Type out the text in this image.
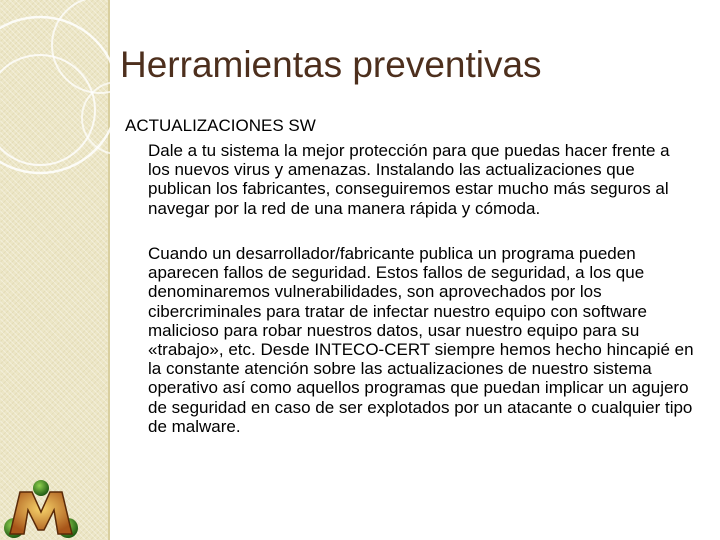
Herramientas preventivas
ACTUALIZACIONES SW

Dale a tu sistema la mejor protección para que puedas hacer frente a los nuevos virus y amenazas. Instalando las actualizaciones que publican los fabricantes, conseguiremos estar mucho más seguros al navegar por la red de una manera rápida y cómoda.

Cuando un desarrollador/fabricante publica un programa pueden aparecen fallos de seguridad. Estos fallos de seguridad, a los que denominaremos vulnerabilidades, son aprovechados por los cibercriminales para tratar de infectar nuestro equipo con software malicioso para robar nuestros datos, usar nuestro equipo para su «trabajo», etc. Desde INTECO-CERT siempre hemos hecho hincapié en la constante atención sobre las actualizaciones de nuestro sistema operativo así como aquellos programas que puedan implicar un agujero de seguridad en caso de ser explotados por un atacante o cualquier tipo de malware.
